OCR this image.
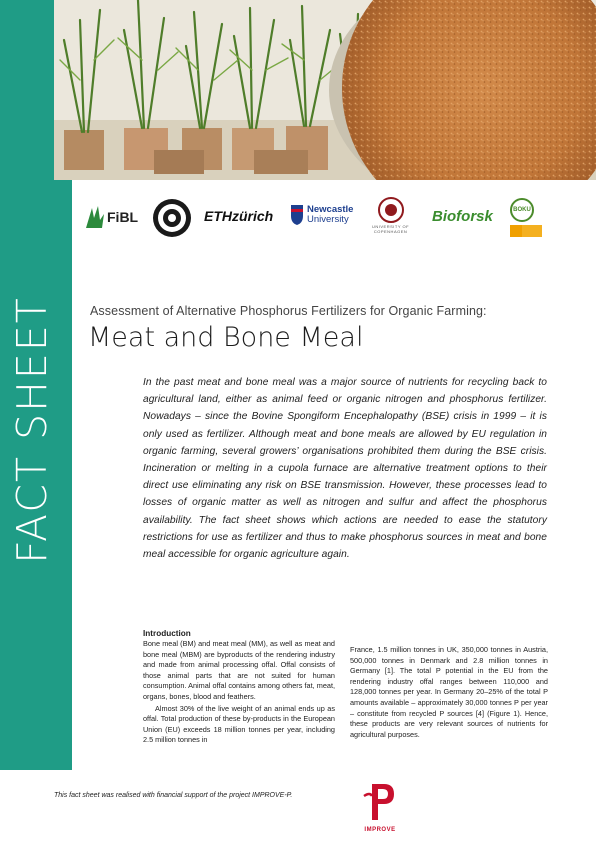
FACT SHEET
FiBL	ETHzürich	Newcastle
University
UNIVERSITY OF
COPENHAGEN
Bioforsk	BOKU
Assessment of Alternative Phosphorus Fertilizers for Organic Farming:
Meat and Bone Meal
In the past meat and bone meal was a major source of nutrients for recycling back to agricultural land, either as animal feed or organic nitrogen and phosphorus fertilizer. Nowadays – since the Bovine Spongiform Encephalopathy (BSE) crisis in 1999 – it is only used as fertilizer. Although meat and bone meals are allowed by EU regulation in organic farming, several growers’ organisations prohibited them during the BSE crisis. Incineration or melting in a cupola furnace are alternative treatment options to their direct use eliminating any risk on BSE transmission. However, these processes lead to losses of organic matter as well as nitrogen and sulfur and affect the phosphorus availability. The fact sheet shows which actions are needed to ease the statutory restrictions for use as fertilizer and thus to make phosphorus sources in meat and bone meal accessible for organic agriculture again.
Introduction

Bone meal (BM) and meat meal (MM), as well as meat and bone meal (MBM) are byproducts of the rendering industry and made from animal processing offal. Offal consists of those animal parts that are not suited for human consumption. Animal offal contains among others fat, meat, organs, bones, blood and feathers.

Almost 30% of the live weight of an animal ends up as offal. Total production of these by-products in the European Union (EU) exceeds 18 million tonnes per year, including 2.5 million tonnes in

France, 1.5 million tonnes in UK, 350,000 tonnes in Austria, 500,000 tonnes in Denmark and 2.8 million tonnes in Germany [1]. The total P potential in the EU from the rendering industry offal ranges between 110,000 and 128,000 tonnes per year. In Germany 20–25% of the total P amounts available – approximately 30,000 tonnes P per year – constitute from recycled P sources [4] (Figure 1). Hence, these products are very relevant sources of nutrients for agricultural purposes.

This fact sheet was realised with financial support of the project IMPROVE-P.
IMPROVE
